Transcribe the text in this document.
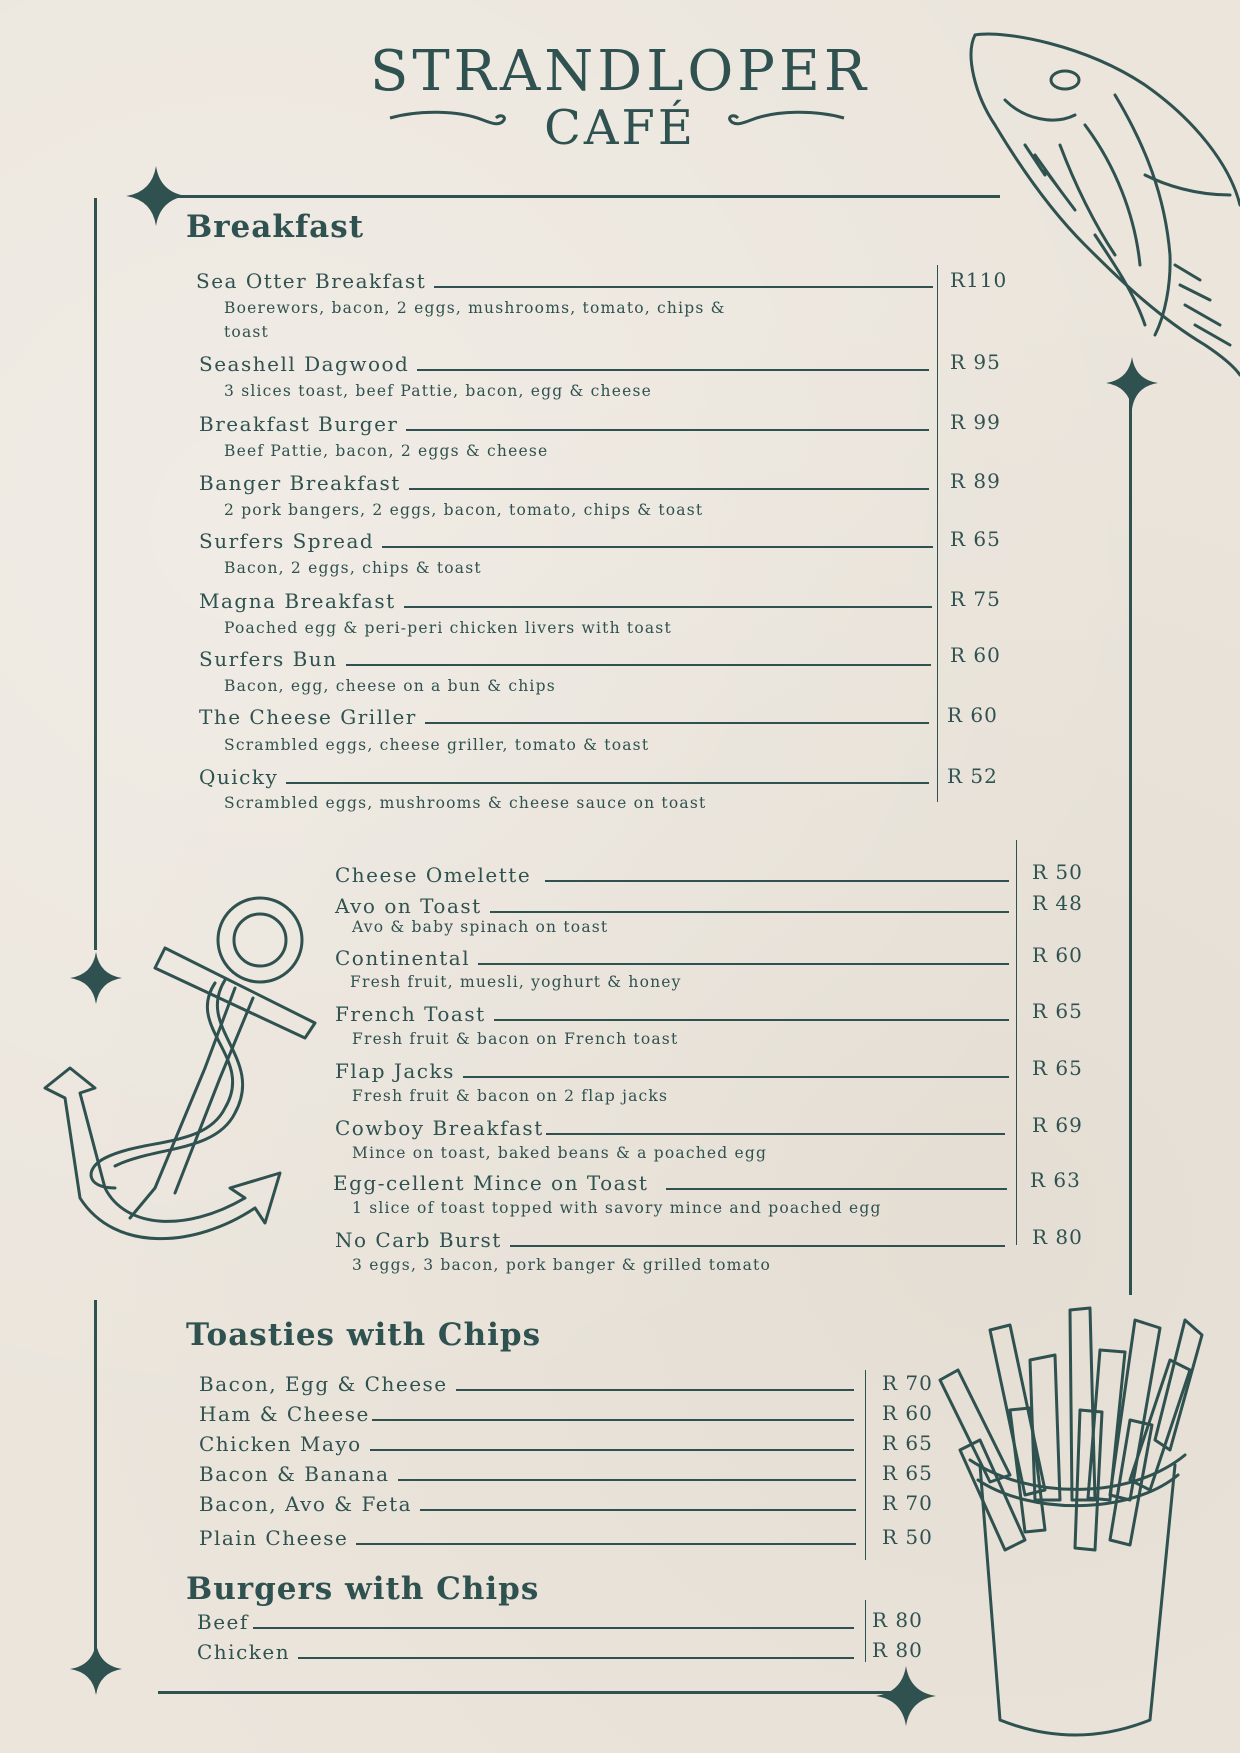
STRANDLOPER
CAFÉ
Breakfast
Sea Otter Breakfast	R110
Boerewors, bacon, 2 eggs, mushrooms, tomato, chips &
toast
Seashell Dagwood	R 95
3 slices toast, beef Pattie, bacon, egg & cheese
Breakfast Burger	R 99
Beef Pattie, bacon, 2 eggs & cheese
Banger Breakfast	R 89
2 pork bangers, 2 eggs, bacon, tomato, chips & toast
Surfers Spread	R 65
Bacon, 2 eggs, chips & toast
Magna Breakfast	R 75
Poached egg & peri-peri chicken livers with toast
Surfers Bun	R 60
Bacon, egg, cheese on a bun & chips
The Cheese Griller	R 60
Scrambled eggs, cheese griller, tomato & toast
Quicky	R 52
Scrambled eggs, mushrooms & cheese sauce on toast
Cheese Omelette	R 50
Avo on Toast	R 48
Avo & baby spinach on toast
Continental	R 60
Fresh fruit, muesli, yoghurt & honey
French Toast	R 65
Fresh fruit & bacon on French toast
Flap Jacks	R 65
Fresh fruit & bacon on 2 flap jacks
Cowboy Breakfast	R 69
Mince on toast, baked beans & a poached egg
Egg-cellent Mince on Toast	R 63
1 slice of toast topped with savory mince and poached egg
No Carb Burst	R 80
3 eggs, 3 bacon, pork banger & grilled tomato
Toasties with Chips
Bacon, Egg & Cheese	R 70
Ham & Cheese	R 60
Chicken Mayo	R 65
Bacon & Banana	R 65
Bacon, Avo & Feta	R 70
Plain Cheese	R 50
Burgers with Chips
Beef	R 80
Chicken	R 80
